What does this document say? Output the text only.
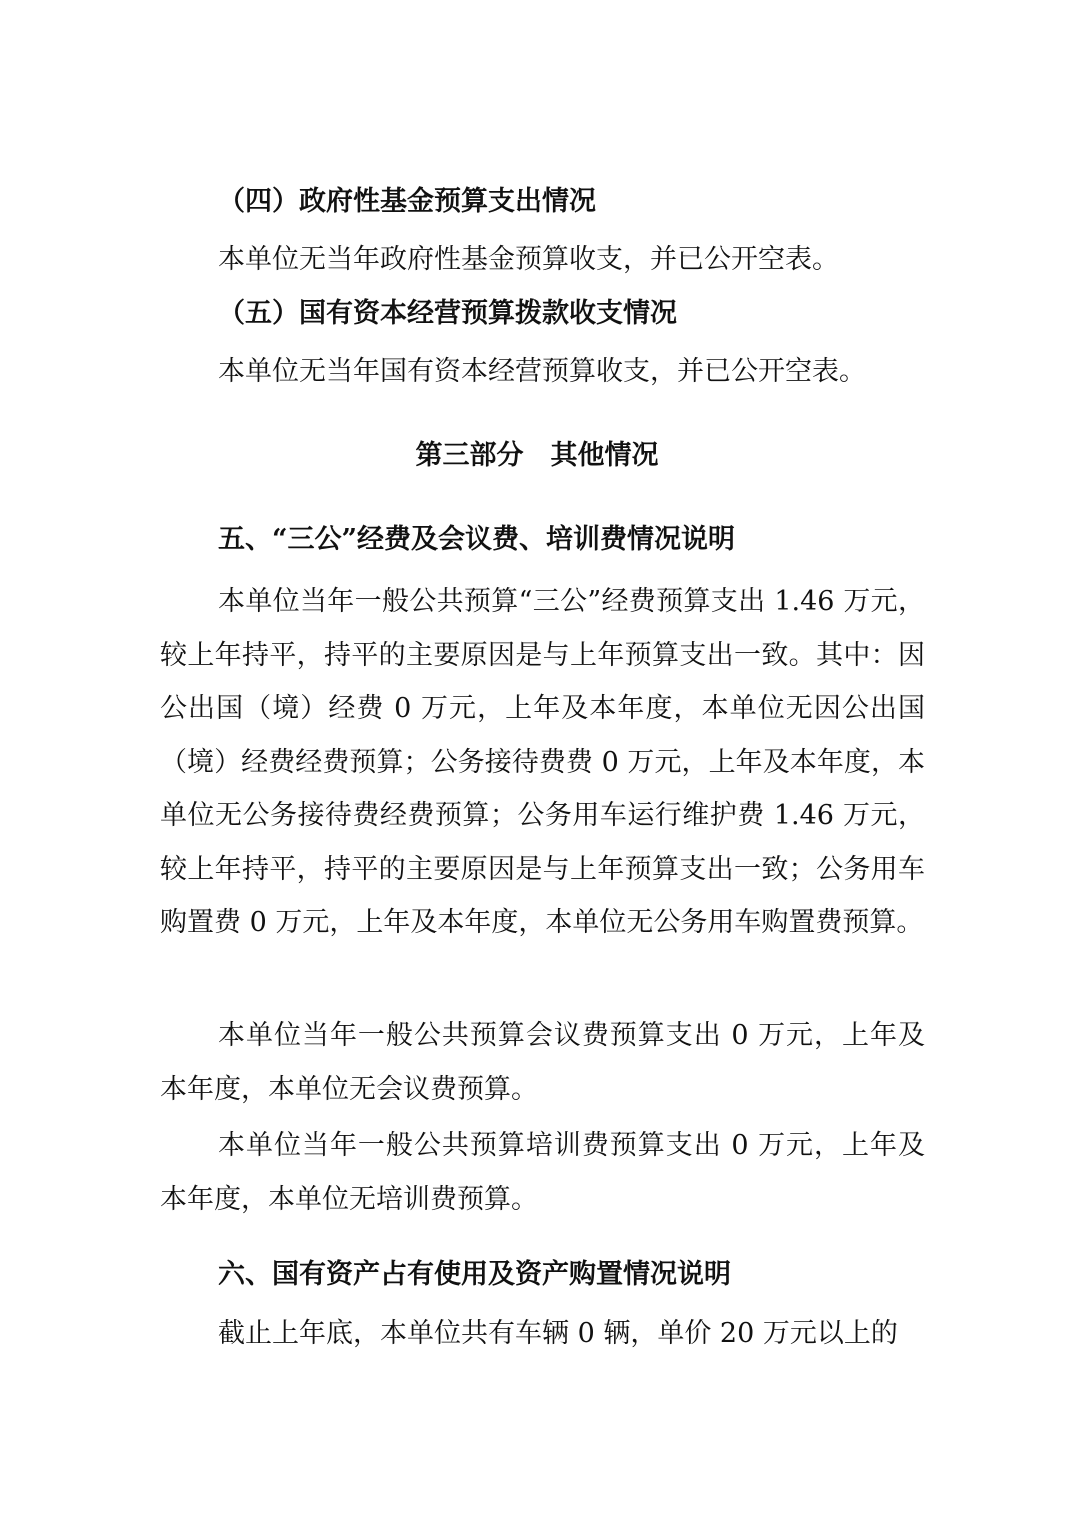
（四）政府性基金预算支出情况

本单位无当年政府性基金预算收支，并已公开空表。

（五）国有资本经营预算拨款收支情况

本单位无当年国有资本经营预算收支，并已公开空表。

第三部分　其他情况
五、“三公”经费及会议费、培训费情况说明

本单位当年一般公共预算“三公”经费预算支出 1.46 万元，较上年持平，持平的主要原因是与上年预算支出一致。其中：因公出国（境）经费 0 万元，上年及本年度，本单位无因公出国（境）经费经费预算；公务接待费费 0 万元，上年及本年度，本单位无公务接待费经费预算；公务用车运行维护费 1.46 万元，较上年持平，持平的主要原因是与上年预算支出一致；公务用车购置费 0 万元，上年及本年度，本单位无公务用车购置费预算。

本单位当年一般公共预算会议费预算支出 0 万元，上年及本年度，本单位无会议费预算。

本单位当年一般公共预算培训费预算支出 0 万元，上年及本年度，本单位无培训费预算。

六、国有资产占有使用及资产购置情况说明

截止上年底，本单位共有车辆 0 辆，单价 20 万元以上的
